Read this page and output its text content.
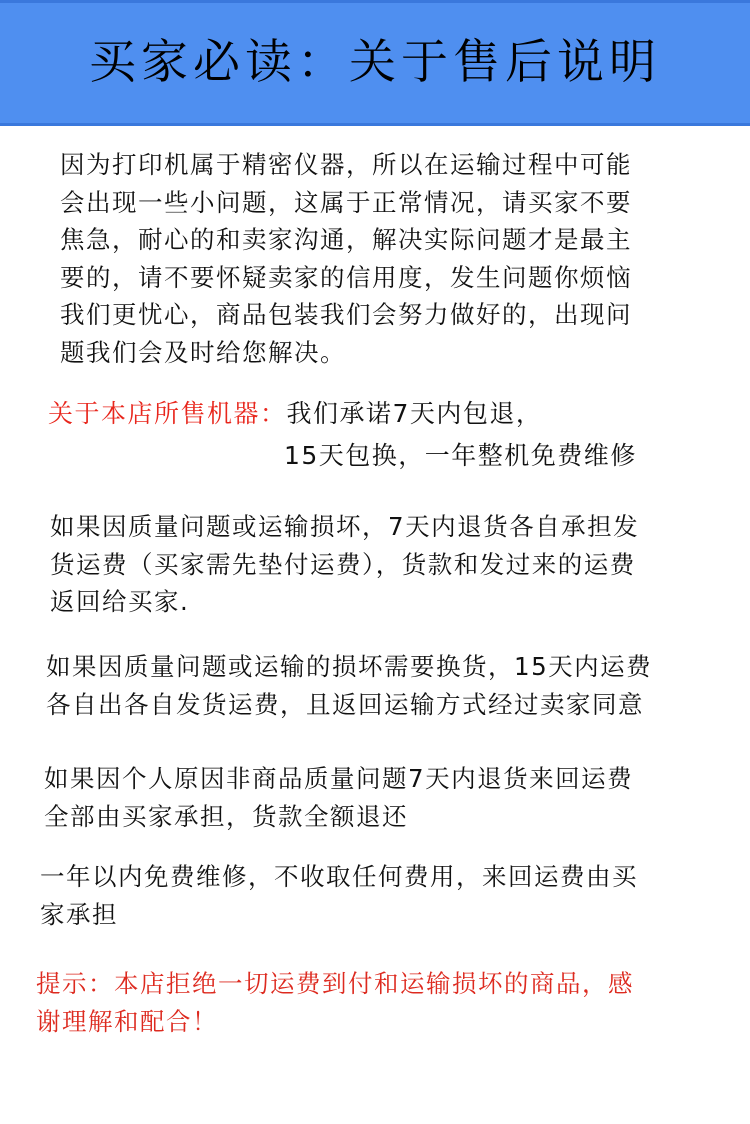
买家必读：关于售后说明

因为打印机属于精密仪器，所以在运输过程中可能
会出现一些小问题，这属于正常情况，请买家不要
焦急，耐心的和卖家沟通，解决实际问题才是最主
要的，请不要怀疑卖家的信用度，发生问题你烦恼
我们更忧心，商品包装我们会努力做好的，出现问
题我们会及时给您解决。

关于本店所售机器：我们承诺7天内包退，

15天包换，一年整机免费维修

如果因质量问题或运输损坏，7天内退货各自承担发
货运费（买家需先垫付运费），货款和发过来的运费
返回给买家.

如果因质量问题或运输的损坏需要换货，15天内运费
各自出各自发货运费，且返回运输方式经过卖家同意

如果因个人原因非商品质量问题7天内退货来回运费
全部由买家承担，货款全额退还

一年以内免费维修，不收取任何费用，来回运费由买
家承担

提示：本店拒绝一切运费到付和运输损坏的商品，感
谢理解和配合！
